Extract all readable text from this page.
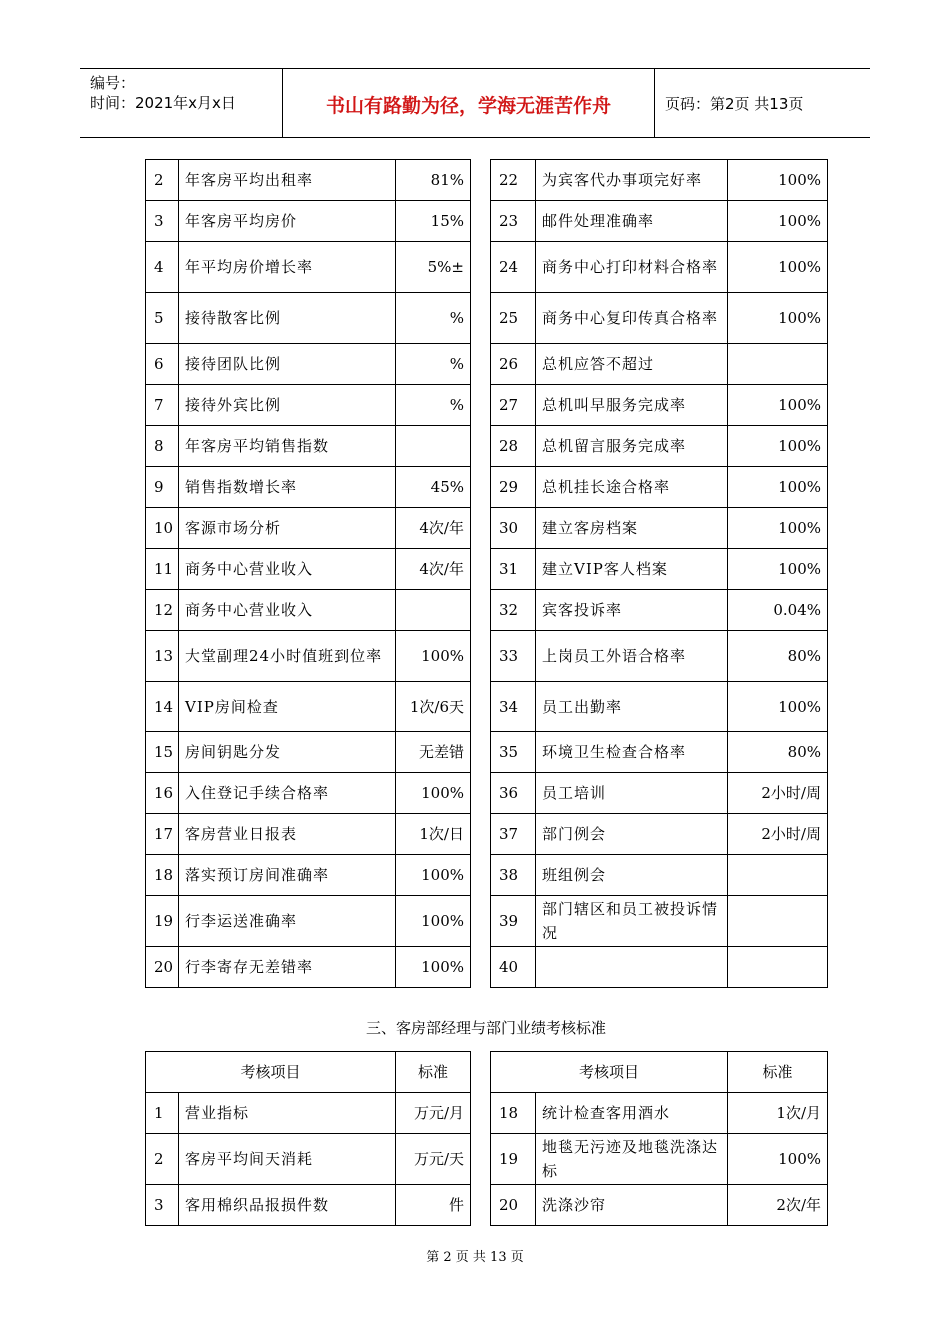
编号：
时间：2021年x月x日	书山有路勤为径，学海无涯苦作舟	页码：第2页 共13页
2	年客房平均出租率	81%		22	为宾客代办事项完好率	100%
3	年客房平均房价	15%		23	邮件处理准确率	100%
4	年平均房价增长率	5%±		24	商务中心打印材料合格率	100%
5	接待散客比例	%		25	商务中心复印传真合格率	100%
6	接待团队比例	%		26	总机应答不超过	
7	接待外宾比例	%		27	总机叫早服务完成率	100%
8	年客房平均销售指数			28	总机留言服务完成率	100%
9	销售指数增长率	45%		29	总机挂长途合格率	100%
10	客源市场分析	4次/年		30	建立客房档案	100%
11	商务中心营业收入	4次/年		31	建立VIP客人档案	100%
12	商务中心营业收入			32	宾客投诉率	0.04%
13	大堂副理24小时值班到位率	100%		33	上岗员工外语合格率	80%
14	VIP房间检查	1次/6天		34	员工出勤率	100%
15	房间钥匙分发	无差错		35	环境卫生检查合格率	80%
16	入住登记手续合格率	100%		36	员工培训	2小时/周
17	客房营业日报表	1次/日		37	部门例会	2小时/周
18	落实预订房间准确率	100%		38	班组例会	
19	行李运送准确率	100%		39	部门辖区和员工被投诉情况	
20	行李寄存无差错率	100%		40		
三、客房部经理与部门业绩考核标准
考核项目		标准		考核项目		标准
1	营业指标	万元/月		18	统计检查客用酒水	1次/月
2	客房平均间天消耗	万元/天		19	地毯无污迹及地毯洗涤达标	100%
3	客用棉织品报损件数	件		20	洗涤沙帘	2次/年
第 2 页 共 13 页
